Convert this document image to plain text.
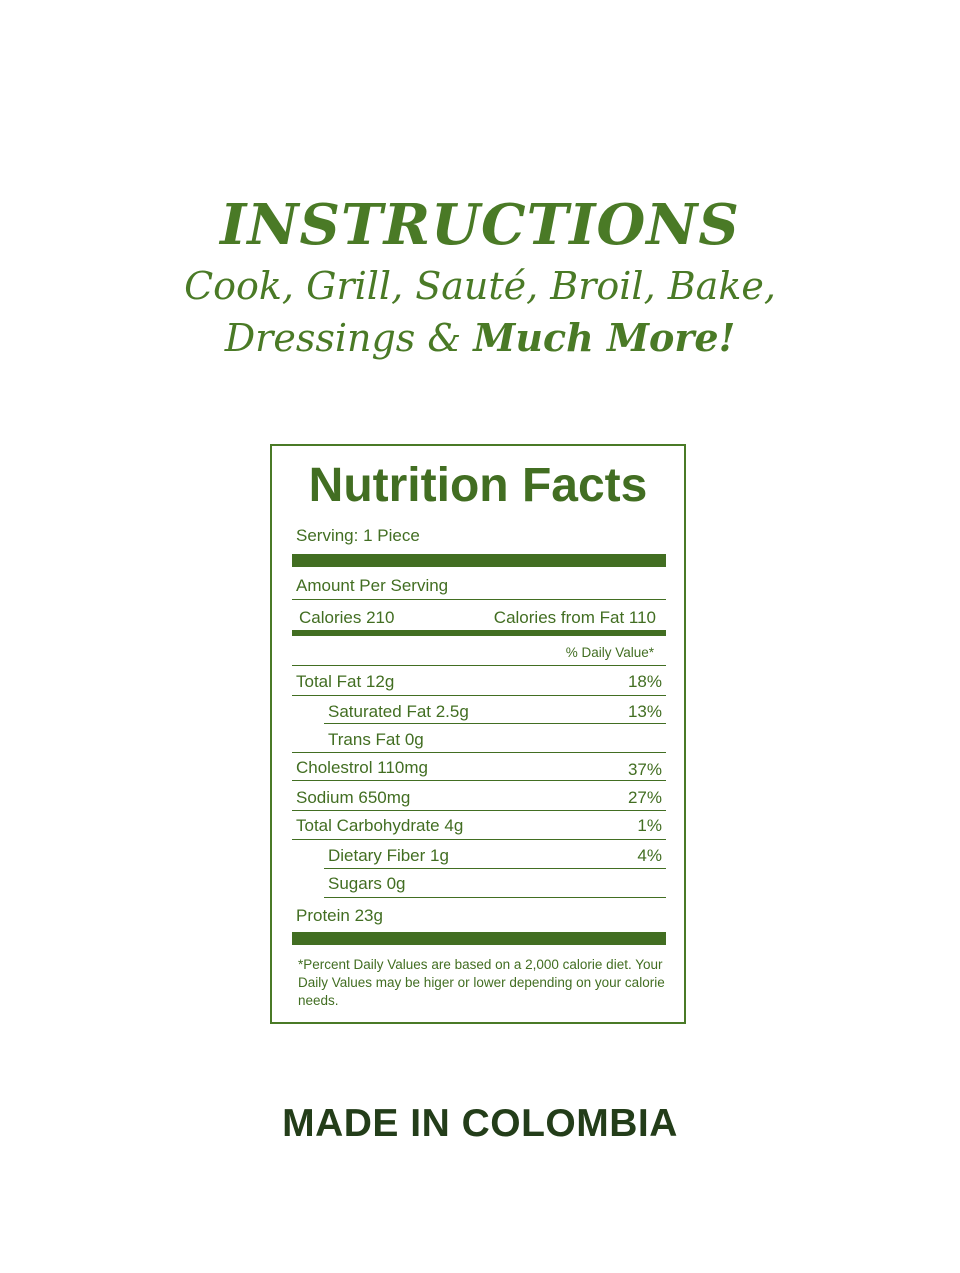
INSTRUCTIONS
Cook, Grill, Sauté, Broil, Bake,
Dressings & Much More!
Nutrition Facts
Serving: 1 Piece
Amount Per Serving
Calories 210	Calories from Fat 110
% Daily Value*
Total Fat 12g	18%
Saturated Fat 2.5g	13%
Trans Fat 0g
Cholestrol 110mg	37%
Sodium 650mg	27%
Total Carbohydrate 4g	1%
Dietary Fiber 1g	4%
Sugars 0g
Protein 23g
*Percent Daily Values are based on a 2,000 calorie diet. Your Daily Values may be higer or lower depending on your calorie needs.
MADE IN COLOMBIA
